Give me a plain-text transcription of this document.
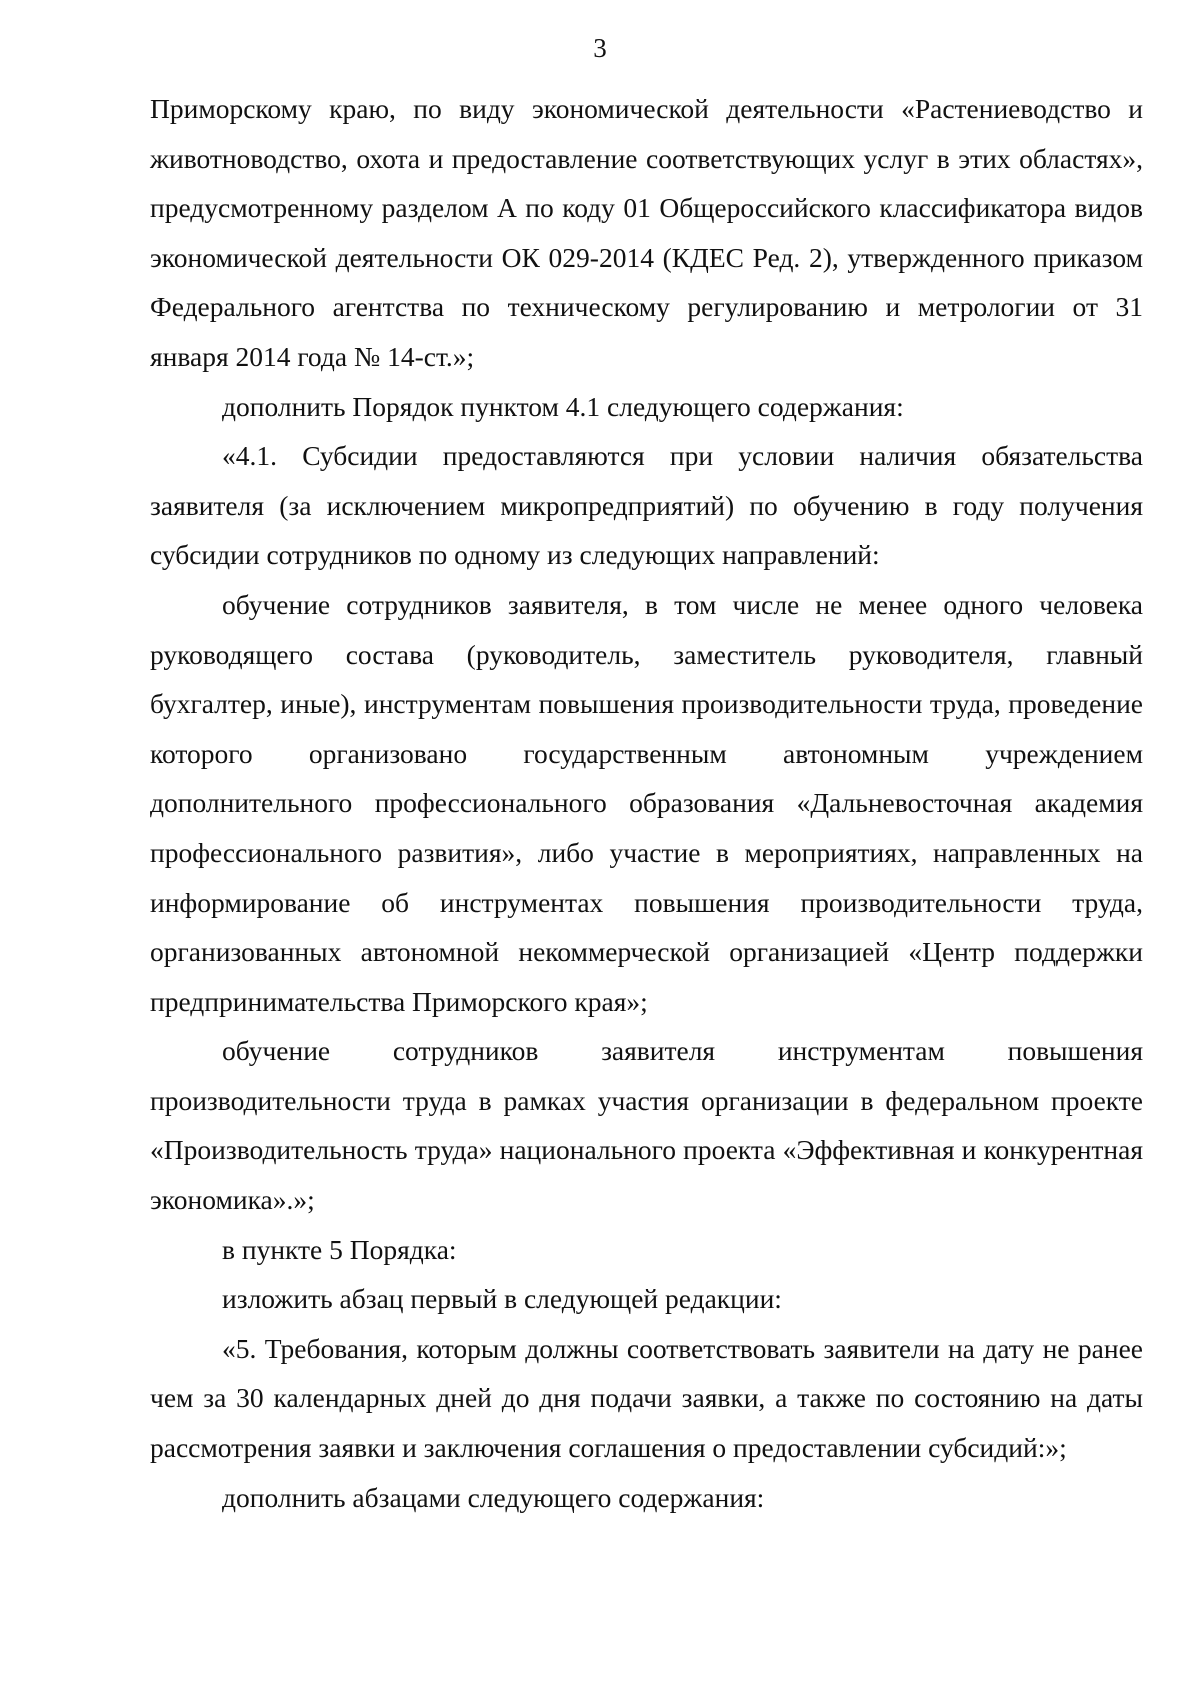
3

Приморскому краю, по виду экономической деятельности «Растениеводство и животноводство, охота и предоставление соответствующих услуг в этих областях», предусмотренному разделом А по коду 01 Общероссийского классификатора видов экономической деятельности ОК 029-2014 (КДЕС Ред. 2), утвержденного приказом Федерального агентства по техническому регулированию и метрологии от 31 января 2014 года № 14-ст.»;

дополнить Порядок пунктом 4.1 следующего содержания:

«4.1. Субсидии предоставляются при условии наличия обязательства заявителя (за исключением микропредприятий) по обучению в году получения субсидии сотрудников по одному из следующих направлений:

обучение сотрудников заявителя, в том числе не менее одного человека руководящего состава (руководитель, заместитель руководителя, главный бухгалтер, иные), инструментам повышения производительности труда, проведение которого организовано государственным автономным учреждением дополнительного профессионального образования «Дальневосточная академия профессионального развития», либо участие в мероприятиях, направленных на информирование об инструментах повышения производительности труда, организованных автономной некоммерческой организацией «Центр поддержки предпринимательства Приморского края»;

обучение сотрудников заявителя инструментам повышения производительности труда в рамках участия организации в федеральном проекте «Производительность труда» национального проекта «Эффективная и конкурентная экономика».»;

в пункте 5 Порядка:

изложить абзац первый в следующей редакции:

«5. Требования, которым должны соответствовать заявители на дату не ранее чем за 30 календарных дней до дня подачи заявки, а также по состоянию на даты рассмотрения заявки и заключения соглашения о предоставлении субсидий:»;

дополнить абзацами следующего содержания:
